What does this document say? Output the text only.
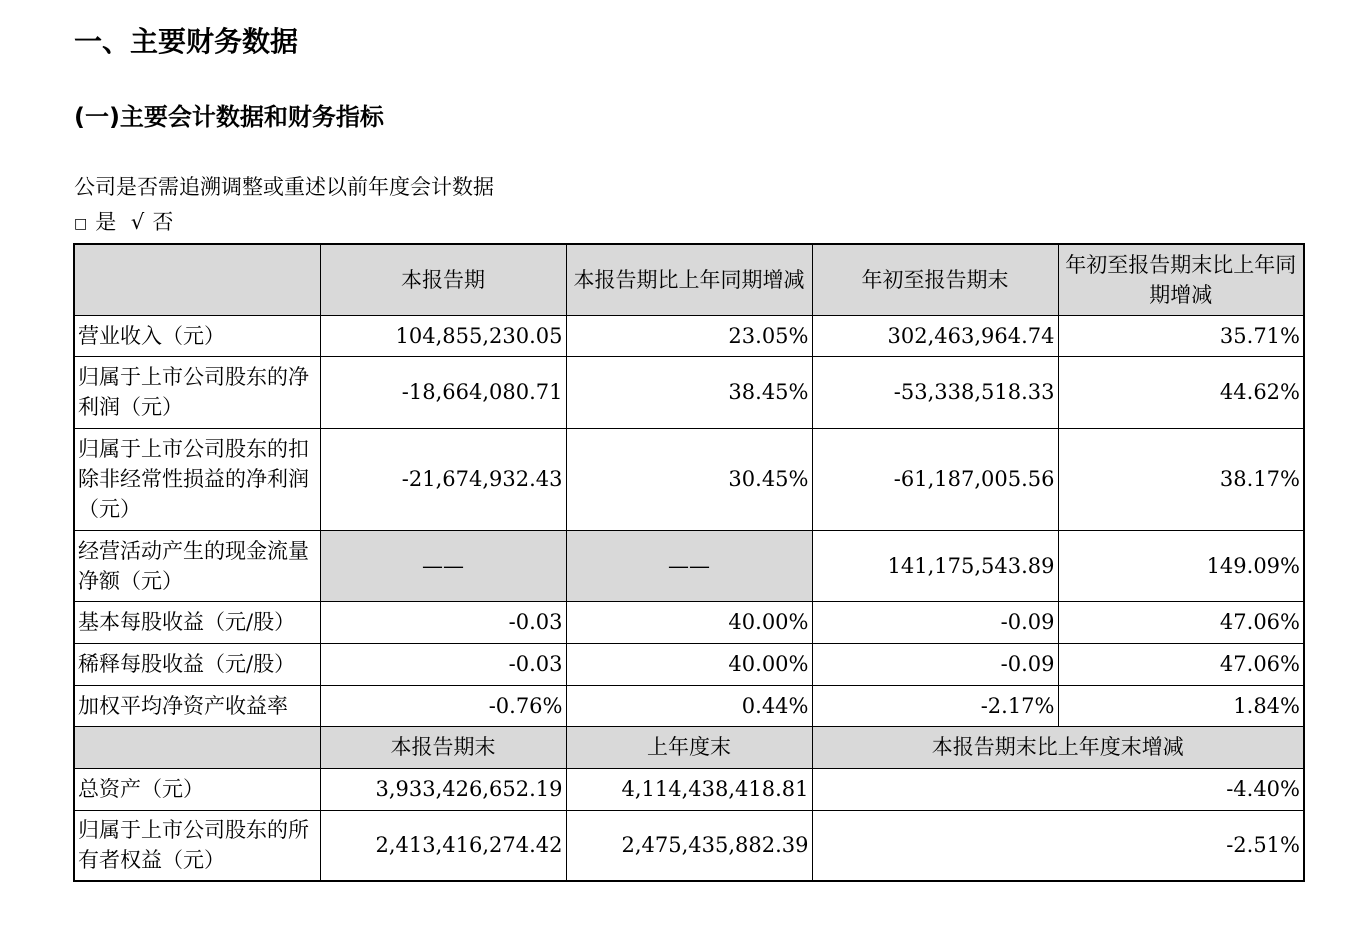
一、主要财务数据
(一)主要会计数据和财务指标
公司是否需追溯调整或重述以前年度会计数据
□ 是 √ 否
	本报告期	本报告期比上年同期增减	年初至报告期末	年初至报告期末比上年同期增减
营业收入（元）	104,855,230.05	23.05%	302,463,964.74	35.71%
归属于上市公司股东的净利润（元）	-18,664,080.71	38.45%	-53,338,518.33	44.62%
归属于上市公司股东的扣除非经常性损益的净利润（元）	-21,674,932.43	30.45%	-61,187,005.56	38.17%
经营活动产生的现金流量净额（元）	——	——	141,175,543.89	149.09%
基本每股收益（元/股）	-0.03	40.00%	-0.09	47.06%
稀释每股收益（元/股）	-0.03	40.00%	-0.09	47.06%
加权平均净资产收益率	-0.76%	0.44%	-2.17%	1.84%
	本报告期末	上年度末	本报告期末比上年度末增减	
总资产（元）	3,933,426,652.19	4,114,438,418.81	-4.40%	
归属于上市公司股东的所有者权益（元）	2,413,416,274.42	2,475,435,882.39	-2.51%	
